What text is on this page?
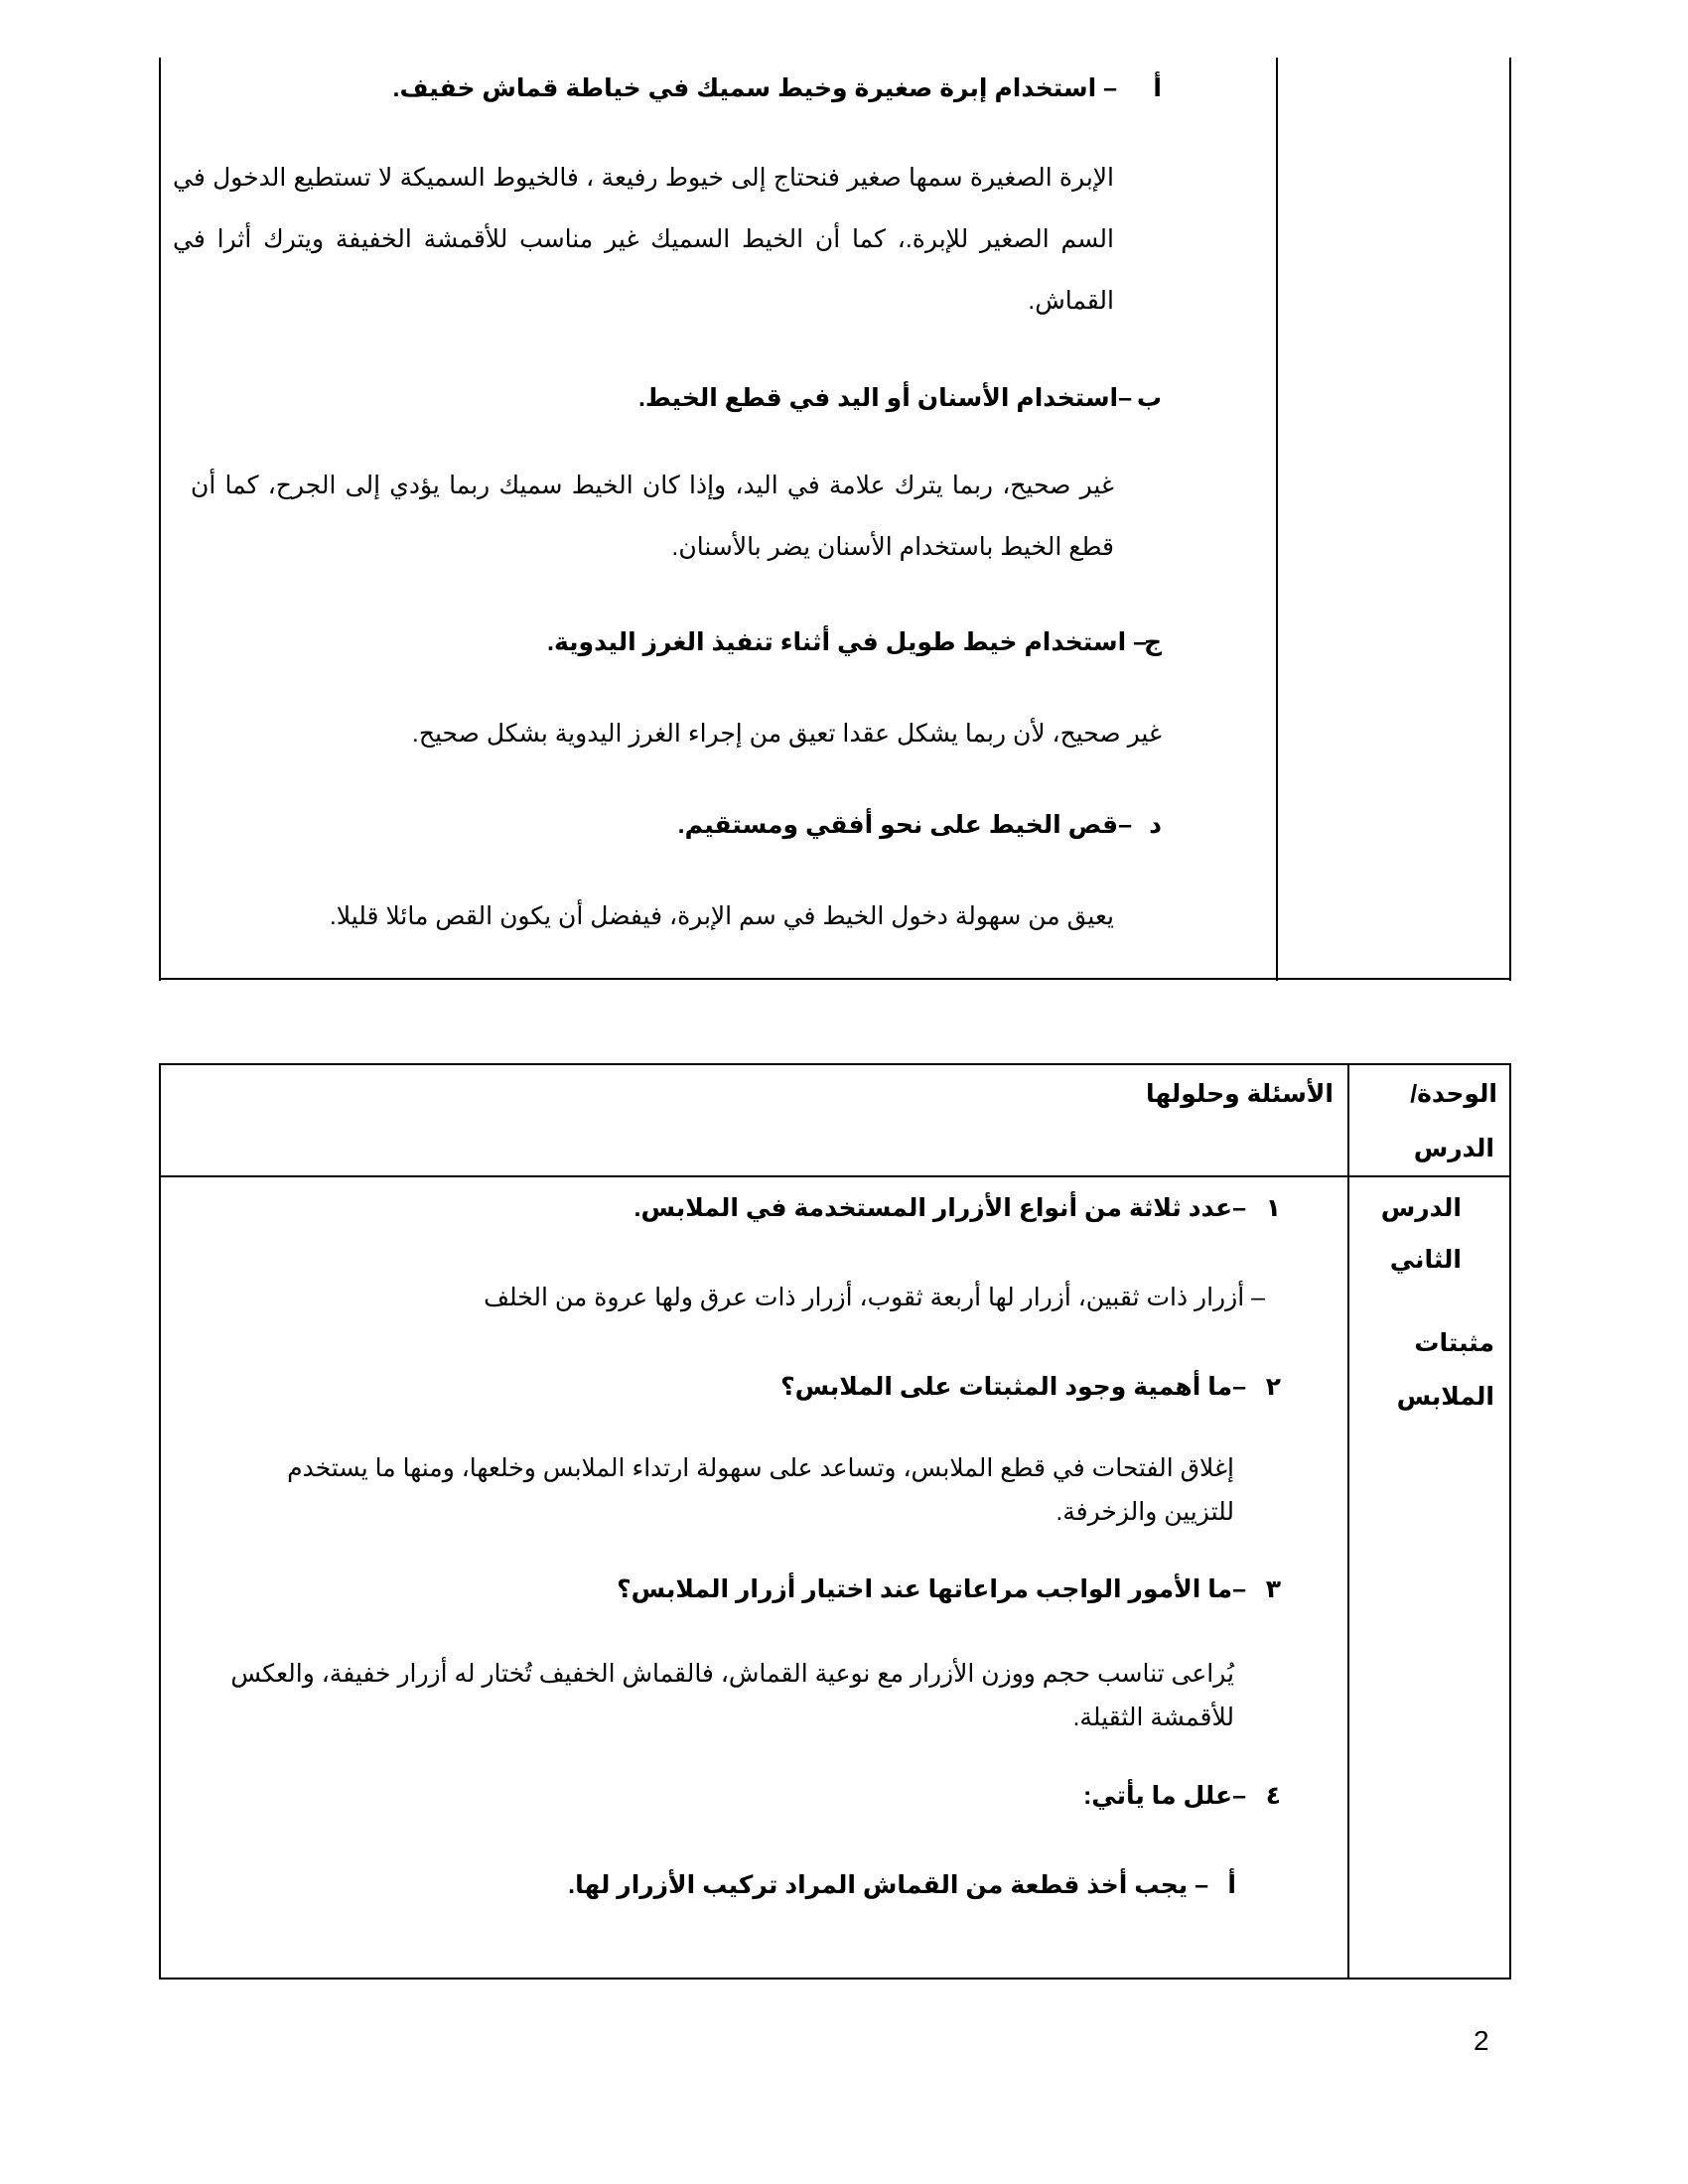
أ
– استخدام إبرة صغيرة وخيط سميك في خياطة قماش خفيف.
الإبرة الصغيرة سمها صغير فنحتاج إلى خيوط رفيعة ، فالخيوط السميكة لا تستطيع الدخول في السم الصغير للإبرة.، كما أن الخيط السميك غير مناسب للأقمشة الخفيفة ويترك أثرا في القماش.
ب
–استخدام الأسنان أو اليد في قطع الخيط.
غير صحيح، ربما يترك علامة في اليد، وإذا كان الخيط سميك ربما يؤدي إلى الجرح، كما أن قطع الخيط باستخدام الأسنان يضر بالأسنان.
ج
– استخدام خيط طويل في أثناء تنفيذ الغرز اليدوية.
غير صحيح، لأن ربما يشكل عقدا تعيق من إجراء الغرز اليدوية بشكل صحيح.
د
–قص الخيط على نحو أفقي ومستقيم.
يعيق من سهولة دخول الخيط في سم الإبرة، فيفضل أن يكون القص مائلا قليلا.
الوحدة/
الدرس
الأسئلة وحلولها
الدرس
الثاني
مثبتات
الملابس
١
–عدد ثلاثة من أنواع الأزرار المستخدمة في الملابس.
– أزرار ذات ثقبين، أزرار لها أربعة ثقوب، أزرار ذات عرق ولها عروة من الخلف
٢
–ما أهمية وجود المثبتات على الملابس؟
إغلاق الفتحات في قطع الملابس، وتساعد على سهولة ارتداء الملابس وخلعها، ومنها ما يستخدم للتزيين والزخرفة.
٣
–ما الأمور الواجب مراعاتها عند اختيار أزرار الملابس؟
يُراعى تناسب حجم ووزن الأزرار مع نوعية القماش، فالقماش الخفيف تُختار له أزرار خفيفة، والعكس للأقمشة الثقيلة.
٤
–علل ما يأتي:
أ
– يجب أخذ قطعة من القماش المراد تركيب الأزرار لها.
2
